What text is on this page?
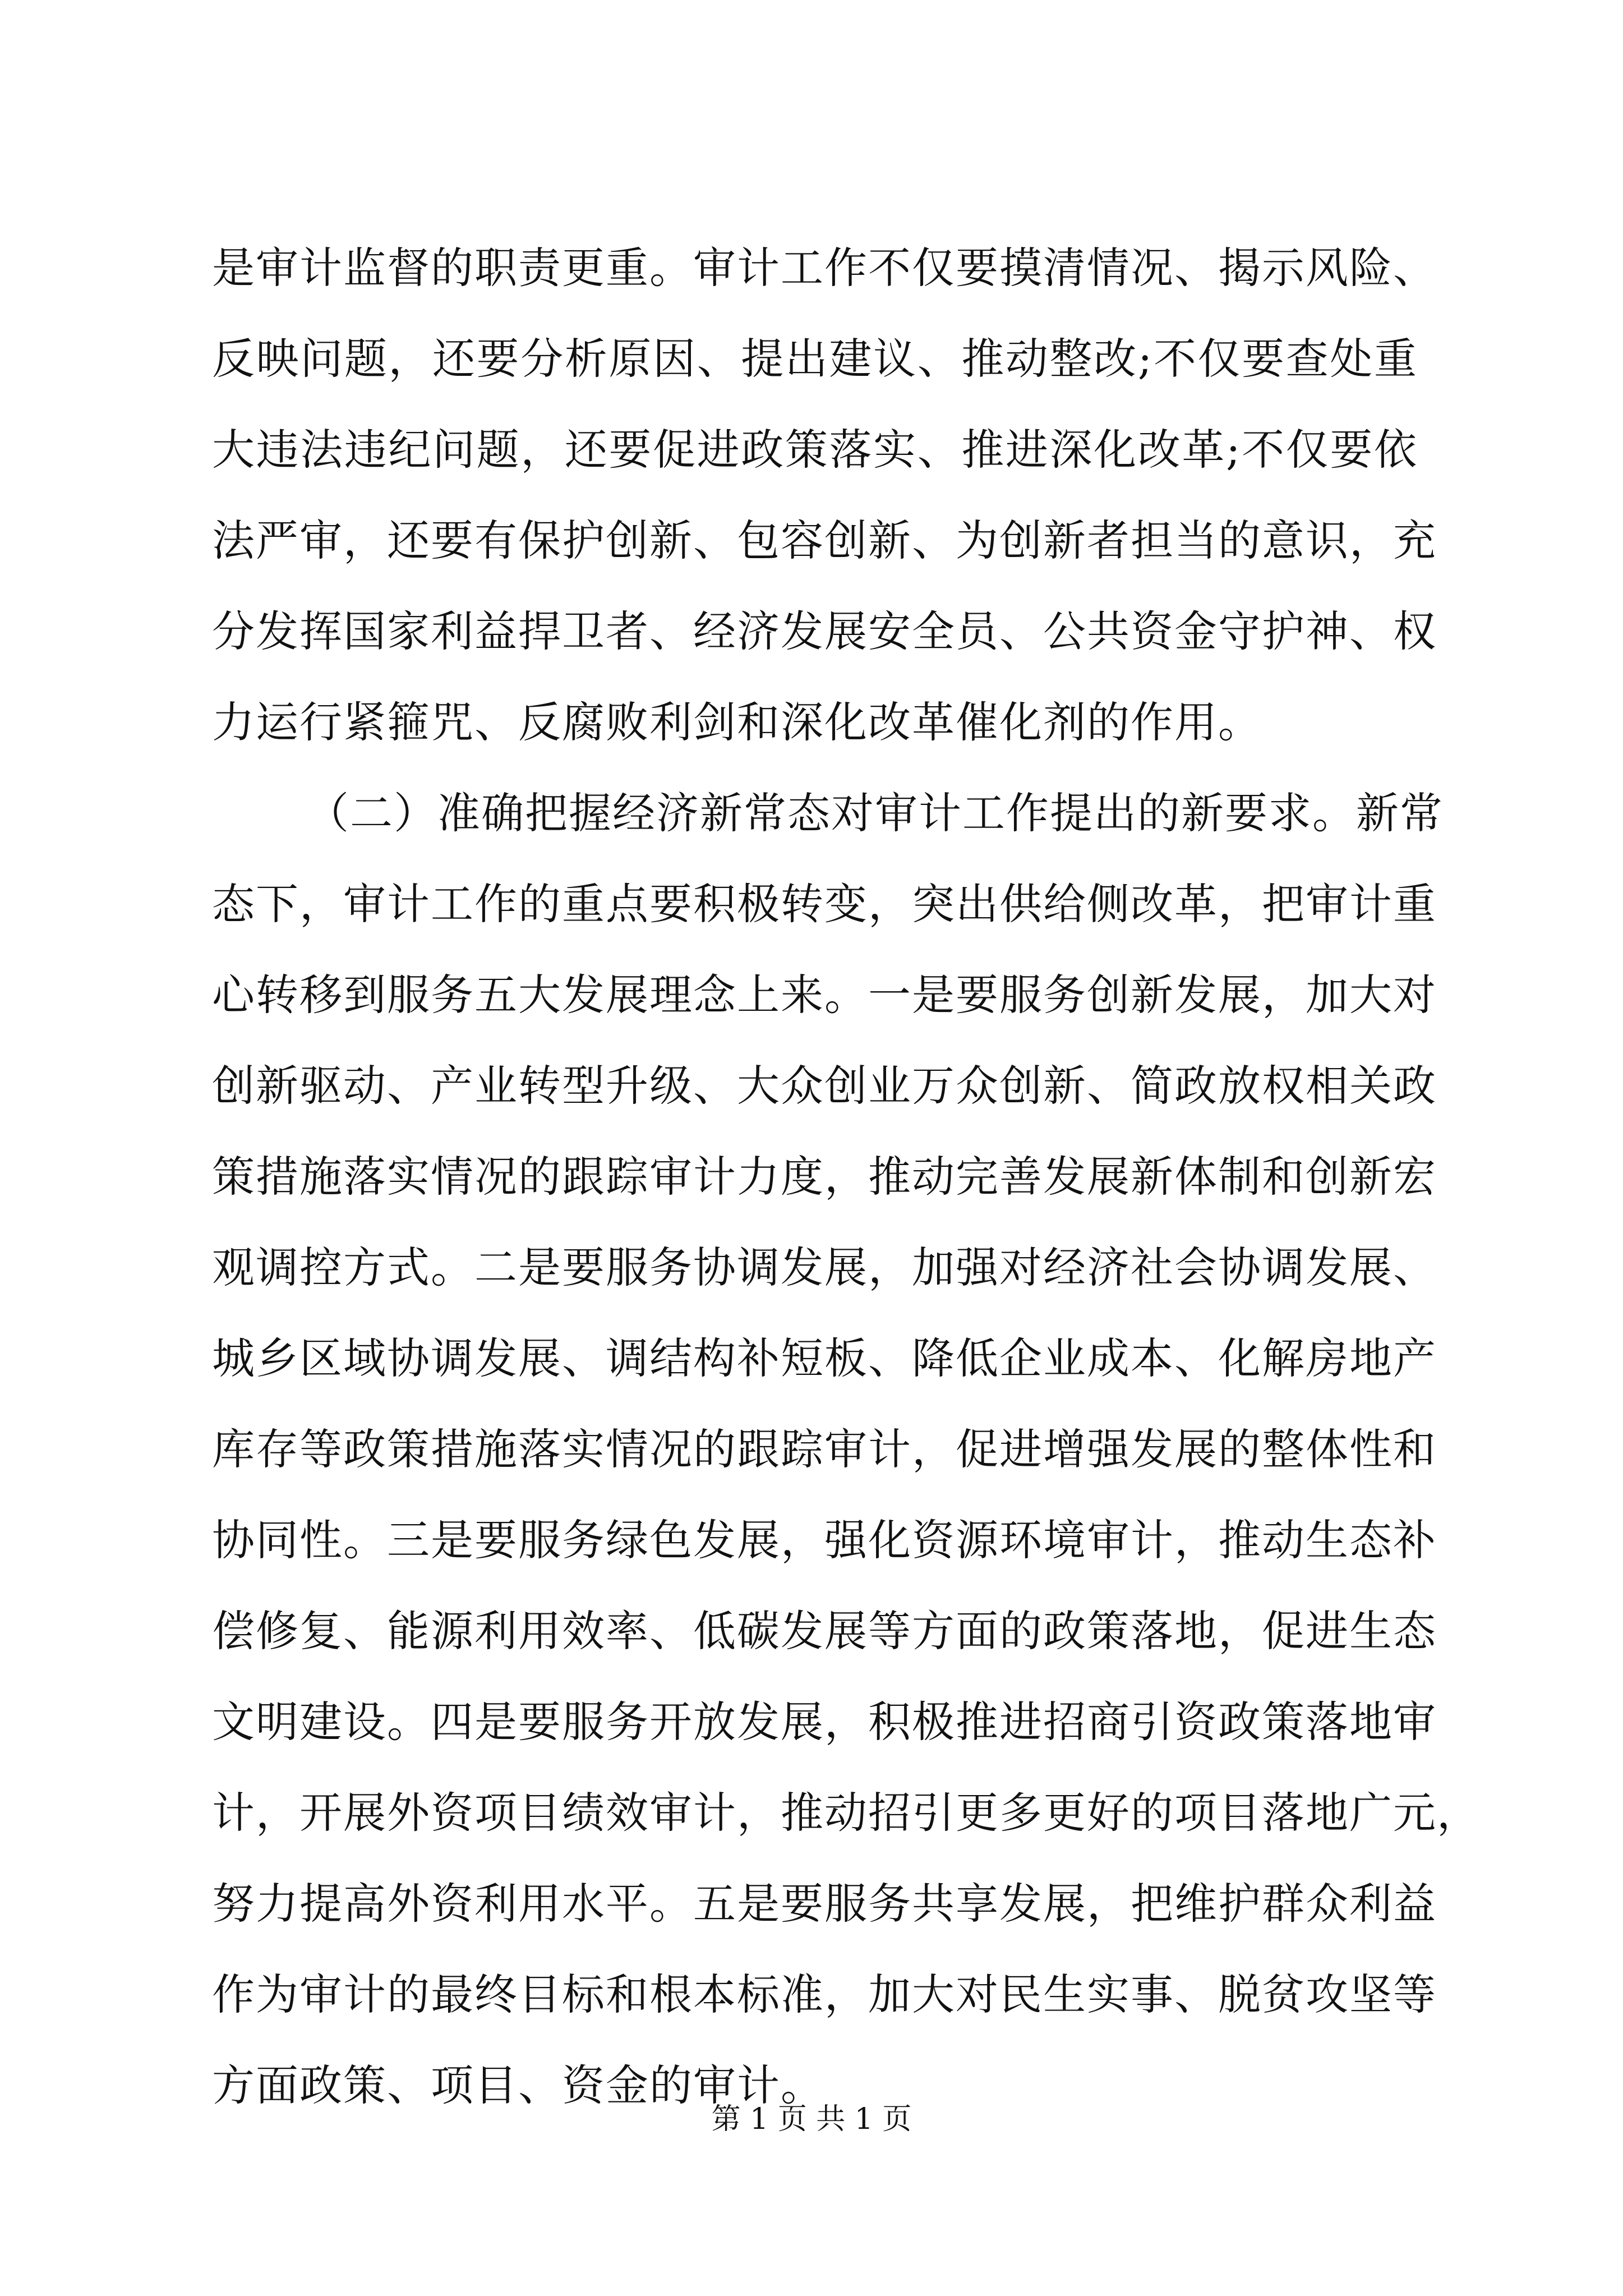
是审计监督的职责更重。审计工作不仅要摸清情况、揭示风险、
反映问题，还要分析原因、提出建议、推动整改;不仅要查处重
大违法违纪问题，还要促进政策落实、推进深化改革;不仅要依
法严审，还要有保护创新、包容创新、为创新者担当的意识，充
分发挥国家利益捍卫者、经济发展安全员、公共资金守护神、权
力运行紧箍咒、反腐败利剑和深化改革催化剂的作用。
（二）准确把握经济新常态对审计工作提出的新要求。新常
态下，审计工作的重点要积极转变，突出供给侧改革，把审计重
心转移到服务五大发展理念上来。一是要服务创新发展，加大对
创新驱动、产业转型升级、大众创业万众创新、简政放权相关政
策措施落实情况的跟踪审计力度，推动完善发展新体制和创新宏
观调控方式。二是要服务协调发展，加强对经济社会协调发展、
城乡区域协调发展、调结构补短板、降低企业成本、化解房地产
库存等政策措施落实情况的跟踪审计，促进增强发展的整体性和
协同性。三是要服务绿色发展，强化资源环境审计，推动生态补
偿修复、能源利用效率、低碳发展等方面的政策落地，促进生态
文明建设。四是要服务开放发展，积极推进招商引资政策落地审
计，开展外资项目绩效审计，推动招引更多更好的项目落地广元，
努力提高外资利用水平。五是要服务共享发展，把维护群众利益
作为审计的最终目标和根本标准，加大对民生实事、脱贫攻坚等
方面政策、项目、资金的审计。
第 1 页 共 1 页
